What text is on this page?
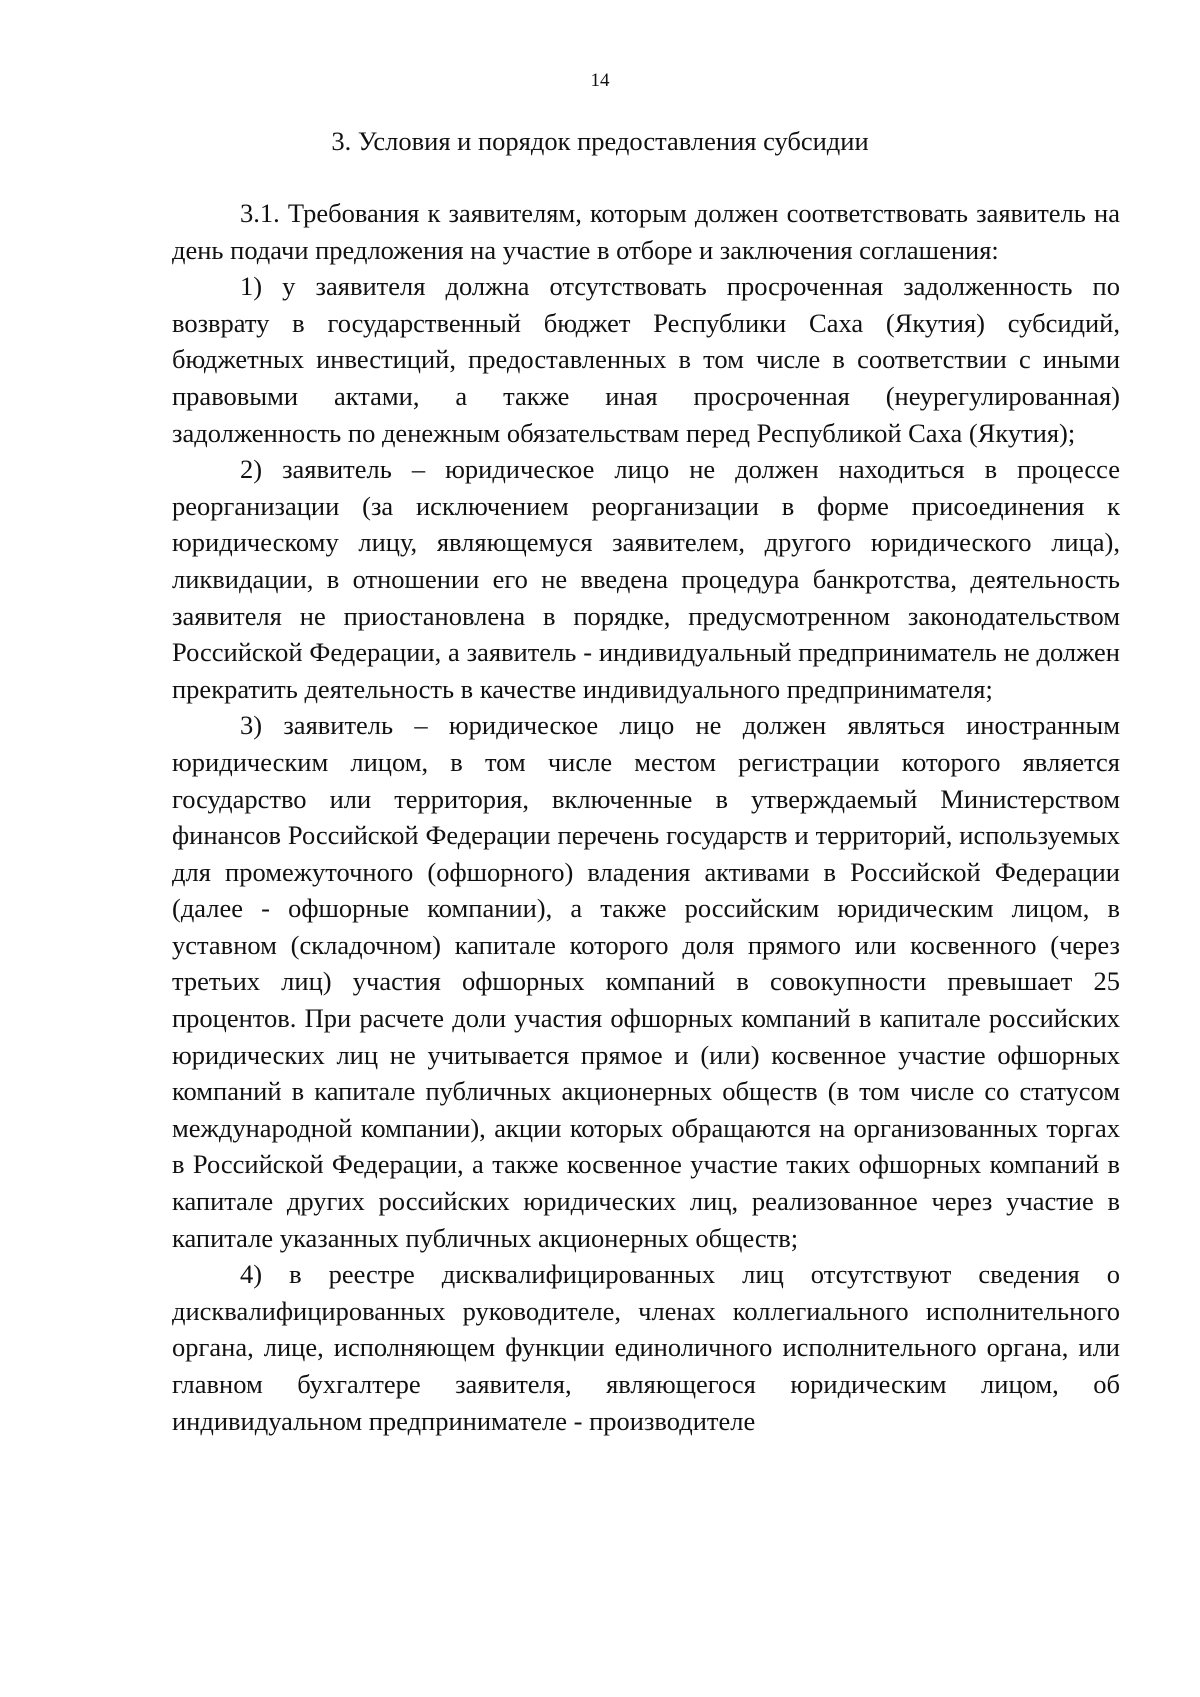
14
3. Условия и порядок предоставления субсидии

3.1. Требования к заявителям, которым должен соответствовать заявитель на день подачи предложения на участие в отборе и заключения соглашения:

1) у заявителя должна отсутствовать просроченная задолженность по возврату в государственный бюджет Республики Саха (Якутия) субсидий, бюджетных инвестиций, предоставленных в том числе в соответствии с иными правовыми актами, а также иная просроченная (неурегулированная) задолженность по денежным обязательствам перед Республикой Саха (Якутия);

2) заявитель – юридическое лицо не должен находиться в процессе реорганизации (за исключением реорганизации в форме присоединения к юридическому лицу, являющемуся заявителем, другого юридического лица), ликвидации, в отношении его не введена процедура банкротства, деятельность заявителя не приостановлена в порядке, предусмотренном законодательством Российской Федерации, а заявитель - индивидуальный предприниматель не должен прекратить деятельность в качестве индивидуального предпринимателя;

3) заявитель – юридическое лицо не должен являться иностранным юридическим лицом, в том числе местом регистрации которого является государство или территория, включенные в утверждаемый Министерством финансов Российской Федерации перечень государств и территорий, используемых для промежуточного (офшорного) владения активами в Российской Федерации (далее - офшорные компании), а также российским юридическим лицом, в уставном (складочном) капитале которого доля прямого или косвенного (через третьих лиц) участия офшорных компаний в совокупности превышает 25 процентов. При расчете доли участия офшорных компаний в капитале российских юридических лиц не учитывается прямое и (или) косвенное участие офшорных компаний в капитале публичных акционерных обществ (в том числе со статусом международной компании), акции которых обращаются на организованных торгах в Российской Федерации, а также косвенное участие таких офшорных компаний в капитале других российских юридических лиц, реализованное через участие в капитале указанных публичных акционерных обществ;

4) в реестре дисквалифицированных лиц отсутствуют сведения о дисквалифицированных руководителе, членах коллегиального исполнительного органа, лице, исполняющем функции единоличного исполнительного органа, или главном бухгалтере заявителя, являющегося юридическим лицом, об индивидуальном предпринимателе - производителе
